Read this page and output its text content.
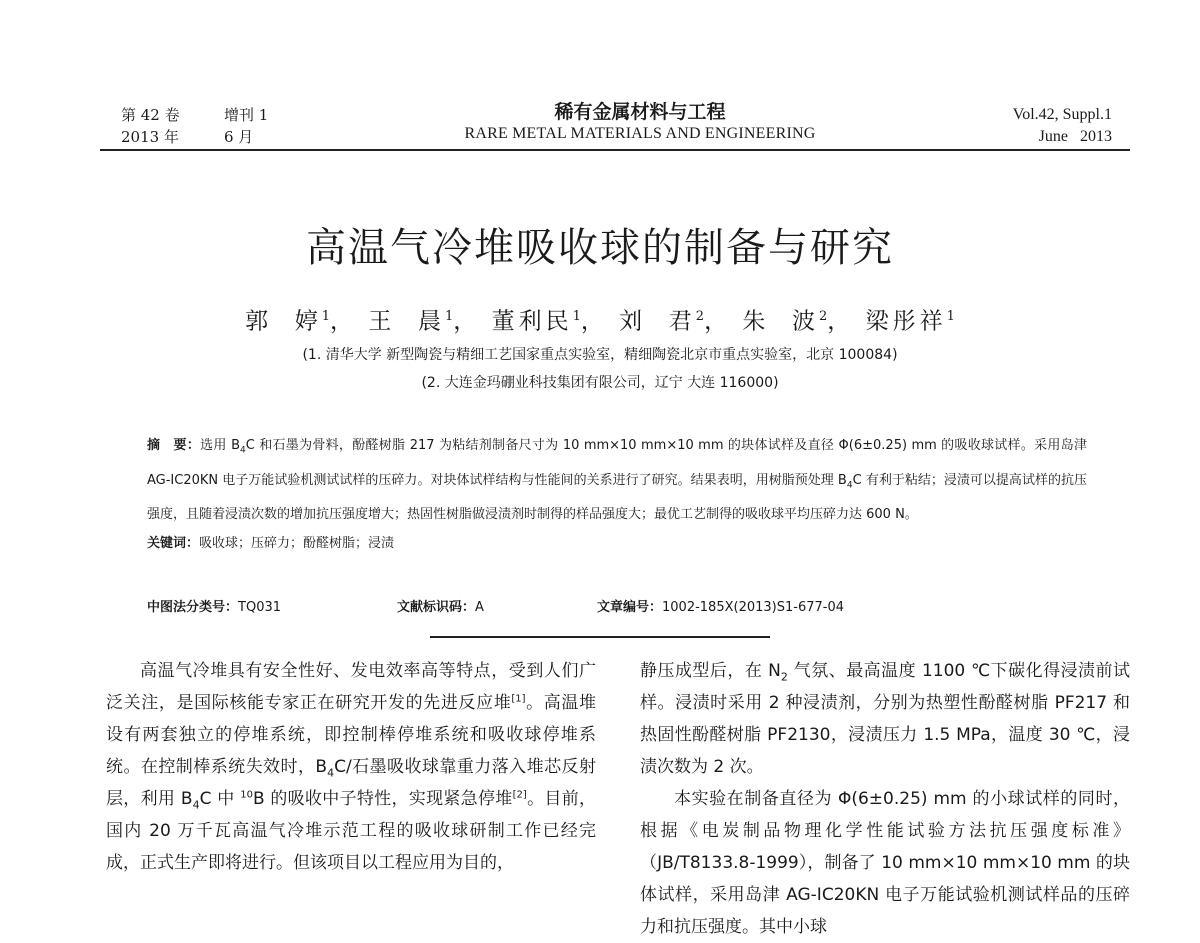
第 42 卷	增刊 1
2013 年	6 月
稀有金属材料与工程
RARE METAL MATERIALS AND ENGINEERING
Vol.42, Suppl.1
June   2013
高温气冷堆吸收球的制备与研究
郭  婷$^1$， 王  晨$^1$， 董利民$^1$， 刘  君$^2$， 朱  波$^2$， 梁彤祥$^1$
(1. 清华大学 新型陶瓷与精细工艺国家重点实验室，精细陶瓷北京市重点实验室，北京 100084)
(2. 大连金玛硼业科技集团有限公司，辽宁 大连 116000)

摘　要：选用 $B_4C$ 和石墨为骨料，酚醛树脂 217 为粘结剂制备尺寸为 10 mm×10 mm×10 mm 的块体试样及直径 Φ(6±0.25) mm 的吸收球试样。采用岛津 AG-IC20KN 电子万能试验机测试试样的压碎力。对块体试样结构与性能间的关系进行了研究。结果表明，用树脂预处理 $B_4C$ 有利于粘结；浸渍可以提高试样的抗压强度，且随着浸渍次数的增加抗压强度增大；热固性树脂做浸渍剂时制得的样品强度大；最优工艺制得的吸收球平均压碎力达 600 N。

关键词：吸收球；压碎力；酚醛树脂；浸渍

中图法分类号：TQ031	文献标识码：A	文章编号：1002-185X(2013)S1-677-04

高温气冷堆具有安全性好、发电效率高等特点，受到人们广泛关注，是国际核能专家正在研究开发的先进反应堆[1]。高温堆设有两套独立的停堆系统，即控制棒停堆系统和吸收球停堆系统。在控制棒系统失效时，$B_4C/$石墨吸收球靠重力落入堆芯反射层，利用 $B_4C$ 中 $^{10}$B 的吸收中子特性，实现紧急停堆[2]。目前，国内 20 万千瓦高温气冷堆示范工程的吸收球研制工作已经完成，正式生产即将进行。但该项目以工程应用为目的，

静压成型后，在 $N_2$ 气氛、最高温度 1100 ℃下碳化得浸渍前试样。浸渍时采用 2 种浸渍剂，分别为热塑性酚醛树脂 PF217 和热固性酚醛树脂 PF2130，浸渍压力 1.5 MPa，温度 30 ℃，浸渍次数为 2 次。

本实验在制备直径为 Φ(6±0.25) mm 的小球试样的同时，根据《电炭制品物理化学性能试验方法抗压强度标准》（JB/T8133.8-1999），制备了 10 mm×10 mm×10 mm 的块体试样，采用岛津 AG-IC20KN 电子万能试验机测试样品的压碎力和抗压强度。其中小球
